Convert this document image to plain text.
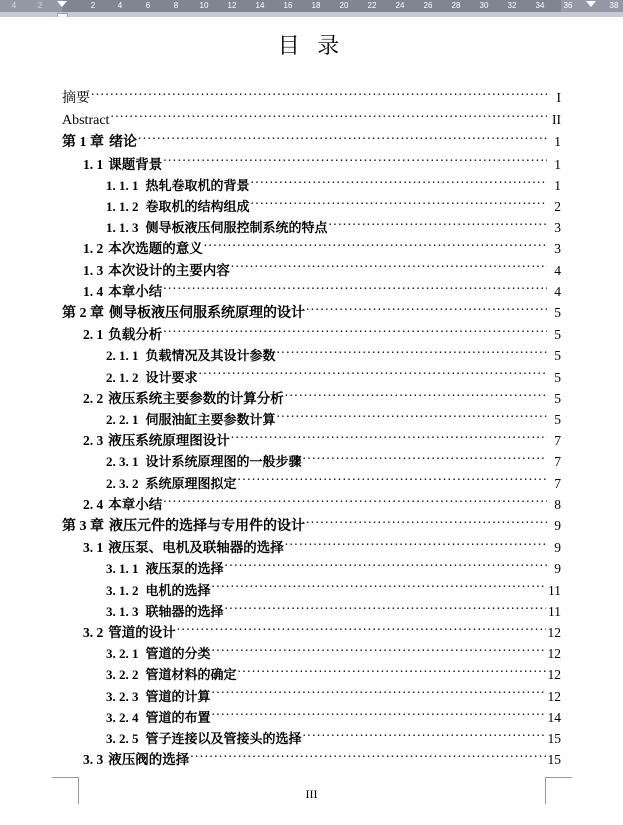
4	2	2	4	6	8	10 12 14 16 18 20 22 24 26 28 30 32 34 36	38
目 录
摘要 .....	I
Abstract .....	II
第 1 章 绪论 .....	1
1. 1 课题背景 .....	1
1. 1. 1 热轧卷取机的背景 .....	1
1. 1. 2 卷取机的结构组成 .....	2
1. 1. 3 侧导板液压伺服控制系统的特点 .....	3
1. 2 本次选题的意义 .....	3
1. 3 本次设计的主要内容 .....	4
1. 4 本章小结 .....	4
第 2 章 侧导板液压伺服系统原理的设计 .....	5
2. 1 负载分析 .....	5
2. 1. 1 负载情况及其设计参数 .....	5
2. 1. 2 设计要求 .....	5
2. 2 液压系统主要参数的计算分析 .....	5
2. 2. 1 伺服油缸主要参数计算 .....	5
2. 3 液压系统原理图设计 .....	7
2. 3. 1 设计系统原理图的一般步骤 .....	7
2. 3. 2 系统原理图拟定 .....	7
2. 4 本章小结 .....	8
第 3 章 液压元件的选择与专用件的设计 .....	9
3. 1 液压泵、电机及联轴器的选择 .....	9
3. 1. 1 液压泵的选择 .....	9
3. 1. 2 电机的选择 .....	11
3. 1. 3 联轴器的选择 .....	11
3. 2 管道的设计 .....	12
3. 2. 1 管道的分类 .....	12
3. 2. 2 管道材料的确定 .....	12
3. 2. 3 管道的计算 .....	12
3. 2. 4 管道的布置 .....	14
3. 2. 5 管子连接以及管接头的选择 .....	15
3. 3 液压阀的选择 .....	15
III
